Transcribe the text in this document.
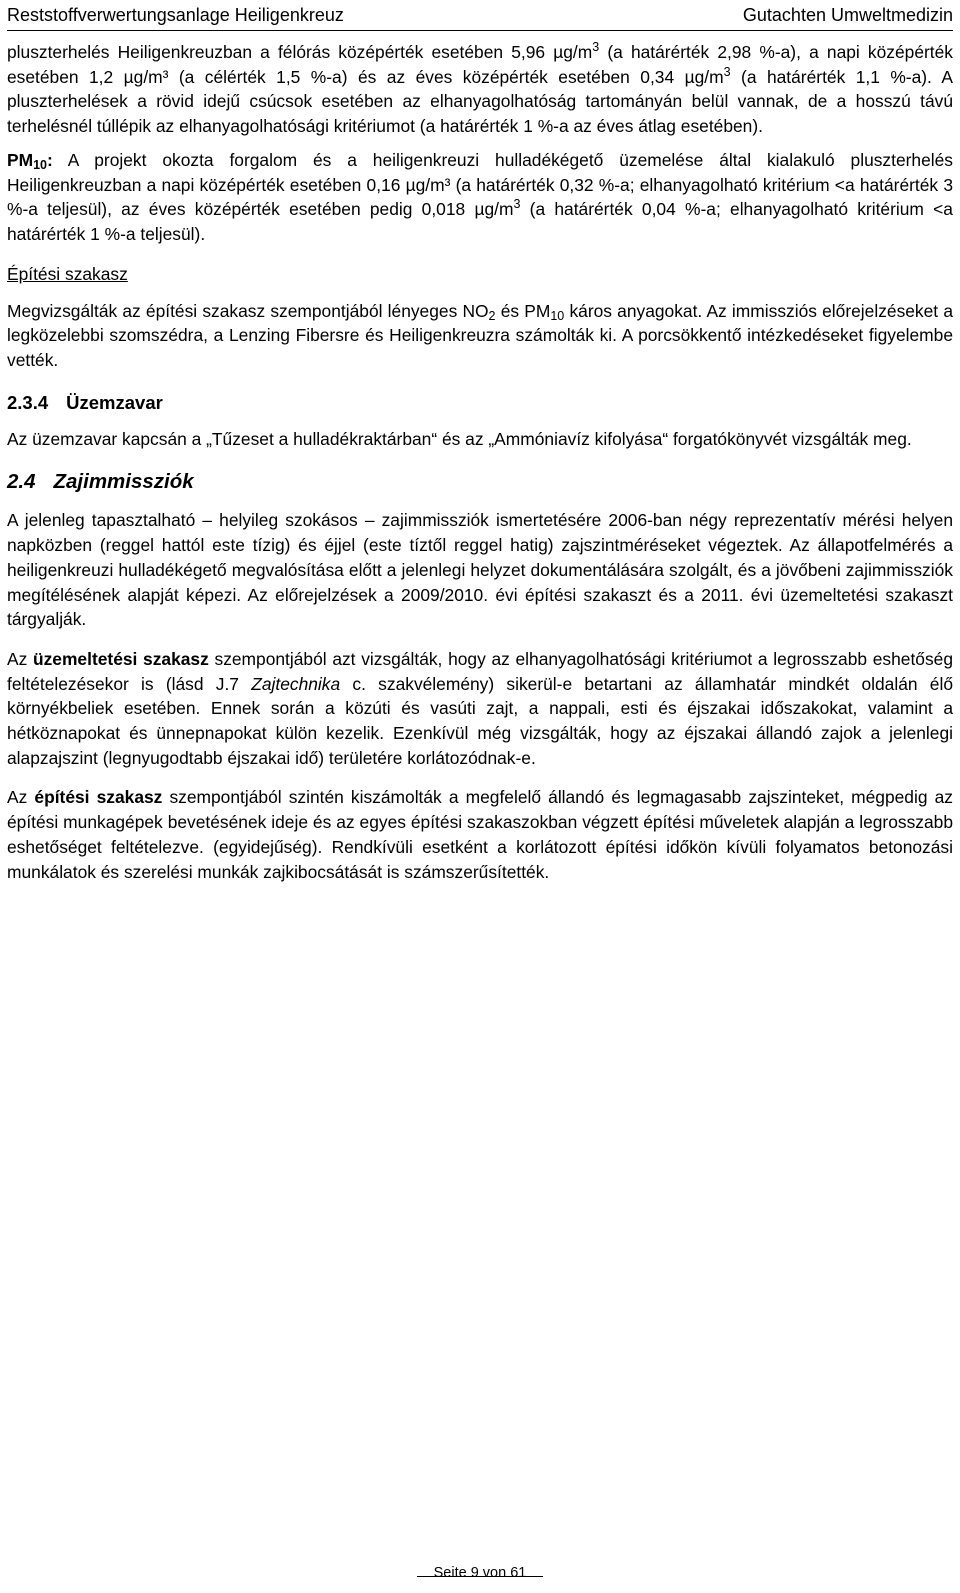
Reststoffverwertungsanlage Heiligenkreuz	Gutachten Umweltmedizin

pluszterhelés Heiligenkreuzban a félórás középérték esetében 5,96 $\mu g/m^3$ (a határérték 2,98 %-a), a napi középérték esetében 1,2 µg/m³ (a célérték 1,5 %-a) és az éves középérték esetében 0,34 $\mu g/m^3$ (a határérték 1,1 %-a). A pluszterhelések a rövid idejű csúcsok esetében az elhanyagolhatóság tartományán belül vannak, de a hosszú távú terhelésnél túllépik az elhanyagolhatósági kritériumot (a határérték 1 %-a az éves átlag esetében).

$PM_{10}$: A projekt okozta forgalom és a heiligenkreuzi hulladékégető üzemelése által kialakuló pluszterhelés Heiligenkreuzban a napi középérték esetében 0,16 µg/m³ (a határérték 0,32 %-a; elhanyagolható kritérium <a határérték 3 %-a teljesül), az éves középérték esetében pedig 0,018 $\mu g/m^3$ (a határérték 0,04 %-a; elhanyagolható kritérium <a határérték 1 %-a teljesül).

Építési szakasz

Megvizsgálták az építési szakasz szempontjából lényeges $NO_2$ és $PM_{10}$ káros anyagokat. Az immissziós előrejelzéseket a legközelebbi szomszédra, a Lenzing Fibersre és Heiligenkreuzra számolták ki. A porcsökkentő intézkedéseket figyelembe vették.

2.3.4 Üzemzavar

Az üzemzavar kapcsán a „Tűzeset a hulladékraktárban“ és az „Ammóniavíz kifolyása“ forgatókönyvét vizsgálták meg.

2.4 Zajimmissziók

A jelenleg tapasztalható – helyileg szokásos – zajimmissziók ismertetésére 2006-ban négy reprezentatív mérési helyen napközben (reggel hattól este tízig) és éjjel (este tíztől reggel hatig) zajszintméréseket végeztek. Az állapotfelmérés a heiligenkreuzi hulladékégető megvalósítása előtt a jelenlegi helyzet dokumentálására szolgált, és a jövőbeni zajimmissziók megítélésének alapját képezi. Az előrejelzések a 2009/2010. évi építési szakaszt és a 2011. évi üzemeltetési szakaszt tárgyalják.

Az üzemeltetési szakasz szempontjából azt vizsgálták, hogy az elhanyagolhatósági kritériumot a legrosszabb eshetőség feltételezésekor is (lásd J.7 Zajtechnika c. szakvélemény) sikerül-e betartani az államhatár mindkét oldalán élő környékbeliek esetében. Ennek során a közúti és vasúti zajt, a nappali, esti és éjszakai időszakokat, valamint a hétköznapokat és ünnepnapokat külön kezelik. Ezenkívül még vizsgálták, hogy az éjszakai állandó zajok a jelenlegi alapzajszint (legnyugodtabb éjszakai idő) területére korlátozódnak-e.

Az építési szakasz szempontjából szintén kiszámolták a megfelelő állandó és legmagasabb zajszinteket, mégpedig az építési munkagépek bevetésének ideje és az egyes építési szakaszokban végzett építési műveletek alapján a legrosszabb eshetőséget feltételezve. (egyidejűség). Rendkívüli esetként a korlátozott építési időkön kívüli folyamatos betonozási munkálatok és szerelési munkák zajkibocsátását is számszerűsítették.

Seite 9 von 61
